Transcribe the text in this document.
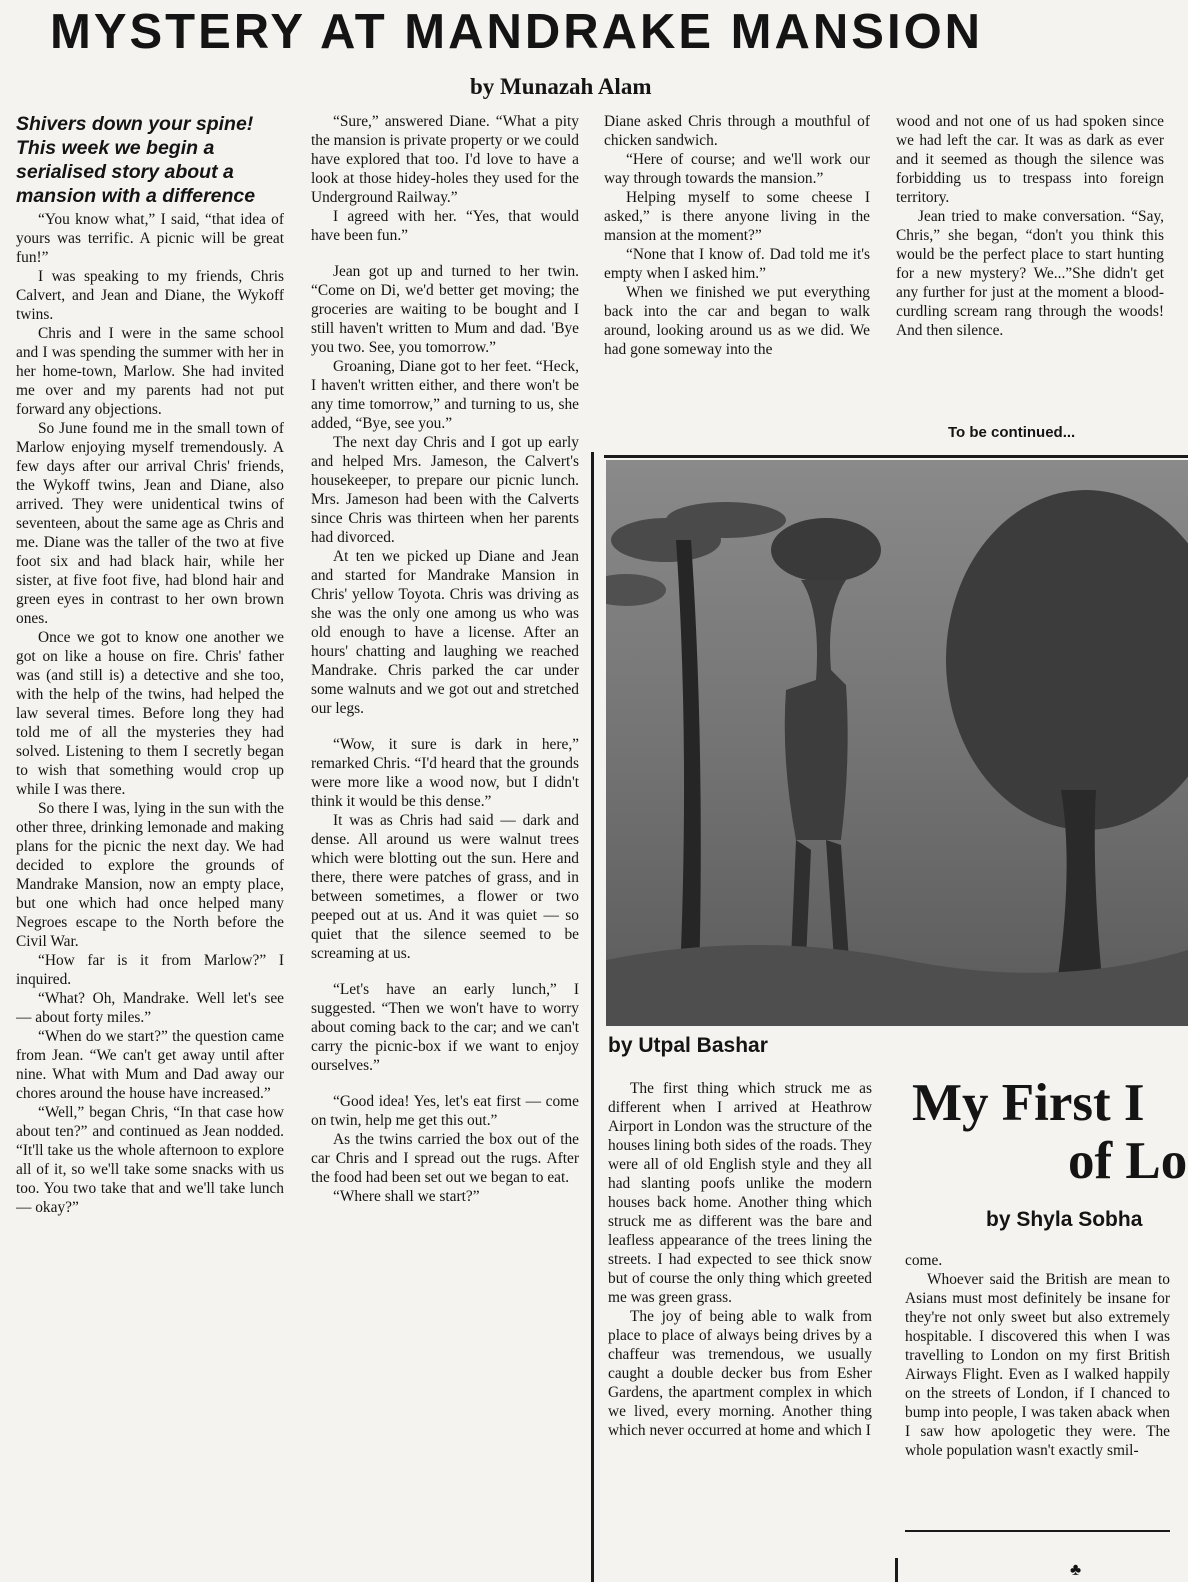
MYSTERY AT MANDRAKE MANSION
by Munazah Alam
Shivers down your spine! This week we begin a serialised story about a mansion with a difference

“You know what,” I said, “that idea of yours was terrific. A picnic will be great fun!”

I was speaking to my friends, Chris Calvert, and Jean and Diane, the Wykoff twins.

Chris and I were in the same school and I was spending the summer with her in her home-town, Marlow. She had invited me over and my parents had not put forward any objections.

So June found me in the small town of Marlow enjoying myself tremendously. A few days after our arrival Chris' friends, the Wykoff twins, Jean and Diane, also arrived. They were unidentical twins of seventeen, about the same age as Chris and me. Diane was the taller of the two at five foot six and had black hair, while her sister, at five foot five, had blond hair and green eyes in contrast to her own brown ones.

Once we got to know one another we got on like a house on fire. Chris' father was (and still is) a detective and she too, with the help of the twins, had helped the law several times. Before long they had told me of all the mysteries they had solved. Listening to them I secretly began to wish that something would crop up while I was there.

So there I was, lying in the sun with the other three, drinking lemonade and making plans for the picnic the next day. We had decided to explore the grounds of Mandrake Mansion, now an empty place, but one which had once helped many Negroes escape to the North before the Civil War.

“How far is it from Marlow?” I inquired.

“What? Oh, Mandrake. Well let's see — about forty miles.”

“When do we start?” the question came from Jean. “We can't get away until after nine. What with Mum and Dad away our chores around the house have increased.”

“Well,” began Chris, “In that case how about ten?” and continued as Jean nodded. “It'll take us the whole afternoon to explore all of it, so we'll take some snacks with us too. You two take that and we'll take lunch — okay?”

“Sure,” answered Diane. “What a pity the mansion is private property or we could have explored that too. I'd love to have a look at those hidey-holes they used for the Underground Railway.”

I agreed with her. “Yes, that would have been fun.”

Jean got up and turned to her twin. “Come on Di, we'd better get moving; the groceries are waiting to be bought and I still haven't written to Mum and dad. 'Bye you two. See, you tomorrow.”

Groaning, Diane got to her feet. “Heck, I haven't written either, and there won't be any time tomorrow,” and turning to us, she added, “Bye, see you.”

The next day Chris and I got up early and helped Mrs. Jameson, the Calvert's housekeeper, to prepare our picnic lunch. Mrs. Jameson had been with the Calverts since Chris was thirteen when her parents had divorced.

At ten we picked up Diane and Jean and started for Mandrake Mansion in Chris' yellow Toyota. Chris was driving as she was the only one among us who was old enough to have a license. After an hours' chatting and laughing we reached Mandrake. Chris parked the car under some walnuts and we got out and stretched our legs.

“Wow, it sure is dark in here,” remarked Chris. “I'd heard that the grounds were more like a wood now, but I didn't think it would be this dense.”

It was as Chris had said — dark and dense. All around us were walnut trees which were blotting out the sun. Here and there, there were patches of grass, and in between sometimes, a flower or two peeped out at us. And it was quiet — so quiet that the silence seemed to be screaming at us.

“Let's have an early lunch,” I suggested. “Then we won't have to worry about coming back to the car; and we can't carry the picnic-box if we want to enjoy ourselves.”

“Good idea! Yes, let's eat first — come on twin, help me get this out.”

As the twins carried the box out of the car Chris and I spread out the rugs. After the food had been set out we began to eat.

“Where shall we start?”

Diane asked Chris through a mouthful of chicken sandwich.

“Here of course; and we'll work our way through towards the mansion.”

Helping myself to some cheese I asked,” is there anyone living in the mansion at the moment?”

“None that I know of. Dad told me it's empty when I asked him.”

When we finished we put everything back into the car and began to walk around, looking around us as we did. We had gone someway into the

wood and not one of us had spoken since we had left the car. It was as dark as ever and it seemed as though the silence was forbidding us to trespass into foreign territory.

Jean tried to make conversation. “Say, Chris,” she began, “don't you think this would be the perfect place to start hunting for a new mystery? We...”She didn't get any further for just at the moment a blood-curdling scream rang through the woods! And then silence.

To be continued...
by Utpal Bashar

The first thing which struck me as different when I arrived at Heathrow Airport in London was the structure of the houses lining both sides of the roads. They were all of old English style and they all had slanting poofs unlike the modern houses back home. Another thing which struck me as different was the bare and leafless appearance of the trees lining the streets. I had expected to see thick snow but of course the only thing which greeted me was green grass.

The joy of being able to walk from place to place of always being drives by a chaffeur was tremendous, we usually caught a double decker bus from Esher Gardens, the apartment complex in which we lived, every morning. Another thing which never occurred at home and which I

My First I
of Lo
by Shyla Sobha

come.

Whoever said the British are mean to Asians must most definitely be insane for they're not only sweet but also extremely hospitable. I discovered this when I was travelling to London on my first British Airways Flight. Even as I walked happily on the streets of London, if I chanced to bump into people, I was taken aback when I saw how apologetic they were. The whole population wasn't exactly smil-

♣
